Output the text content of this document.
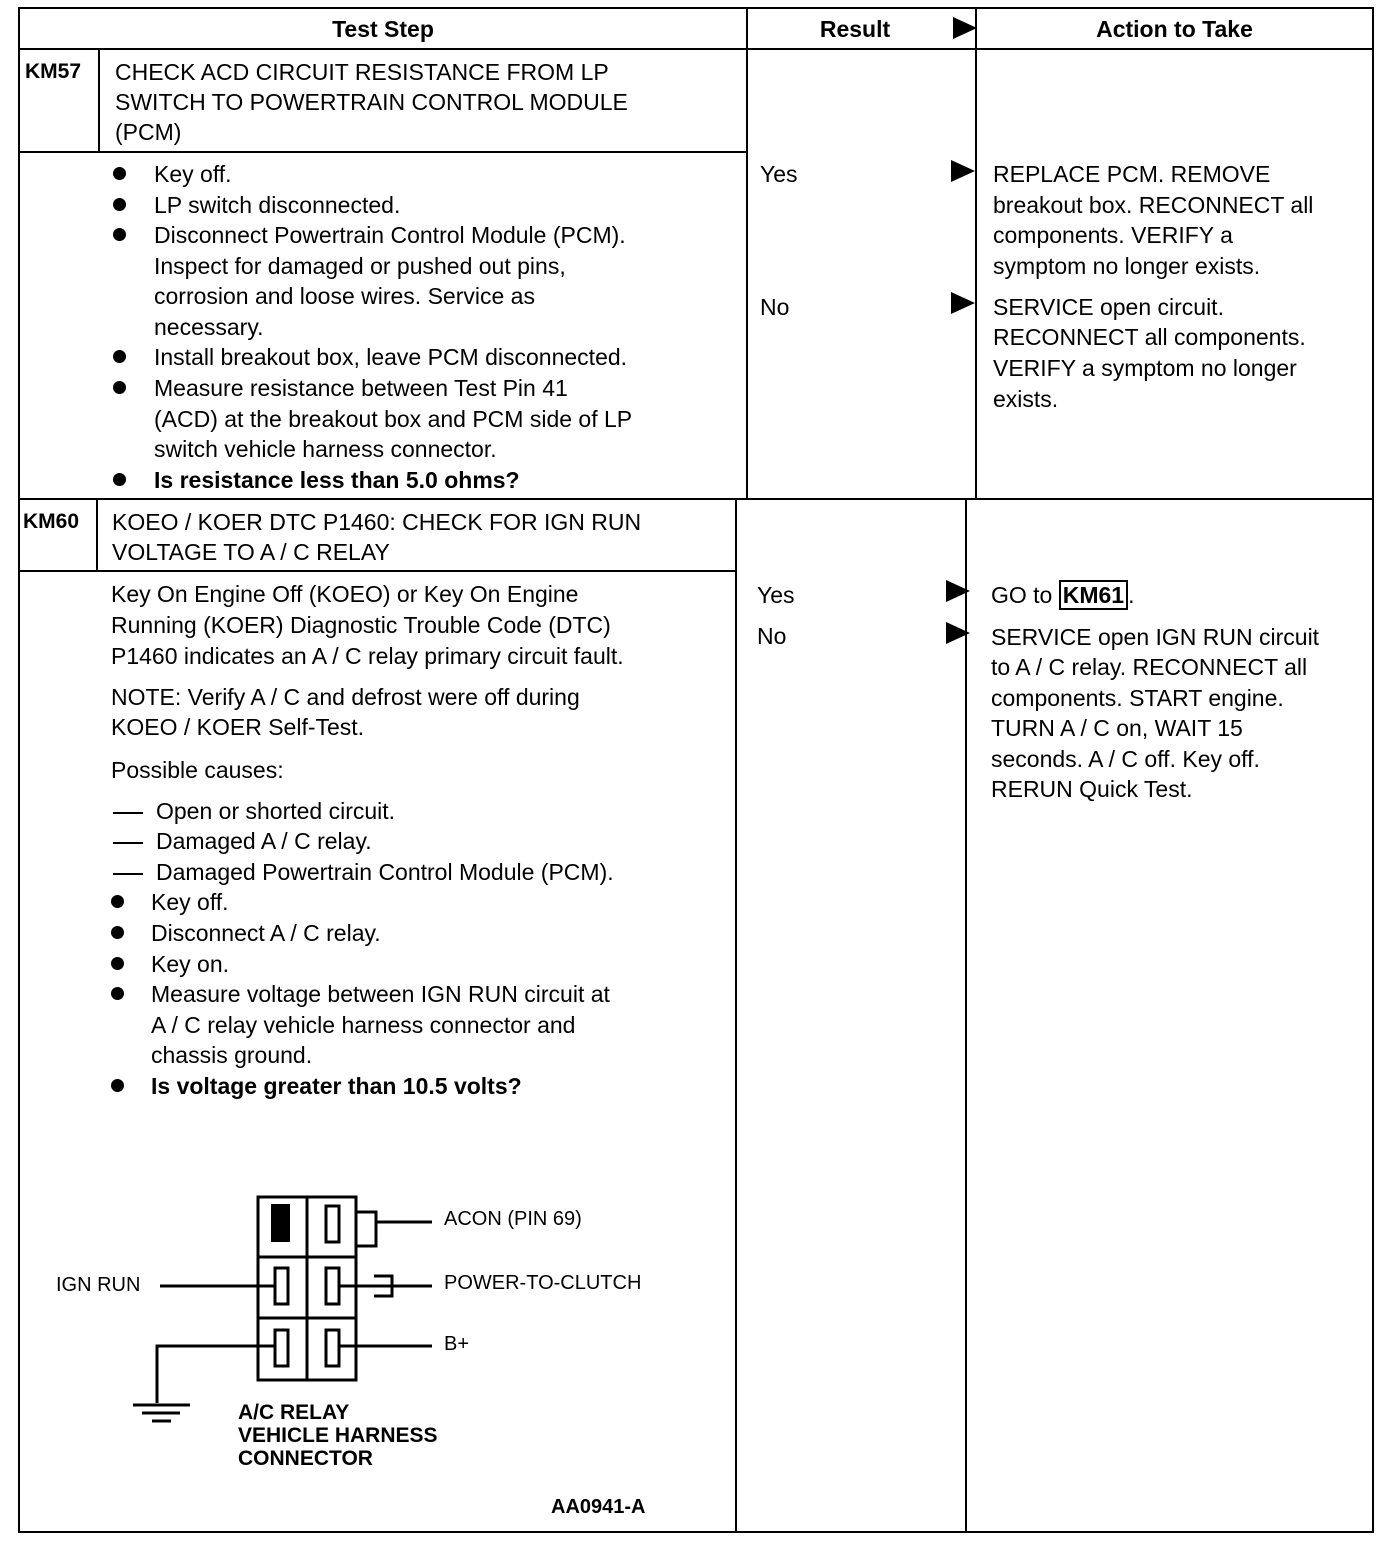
Test Step	Result	Action to Take
KM57 CHECK ACD CIRCUIT RESISTANCE FROM LP
SWITCH TO POWERTRAIN CONTROL MODULE
(PCM)
Key off.
LP switch disconnected.
Disconnect Powertrain Control Module (PCM).
Inspect for damaged or pushed out pins,
corrosion and loose wires. Service as
necessary.
Install breakout box, leave PCM disconnected.
Measure resistance between Test Pin 41
(ACD) at the breakout box and PCM side of LP
switch vehicle harness connector.
Is resistance less than 5.0 ohms?
Yes
No
REPLACE PCM. REMOVE
breakout box. RECONNECT all
components. VERIFY a
symptom no longer exists.
SERVICE open circuit.
RECONNECT all components.
VERIFY a symptom no longer
exists.
KM60 KOEO / KOER DTC P1460: CHECK FOR IGN RUN
VOLTAGE TO A / C RELAY
Key On Engine Off (KOEO) or Key On Engine
Running (KOER) Diagnostic Trouble Code (DTC)
P1460 indicates an A / C relay primary circuit fault.
NOTE: Verify A / C and defrost were off during
KOEO / KOER Self-Test.
Possible causes:
Open or shorted circuit.
Damaged A / C relay.
Damaged Powertrain Control Module (PCM).
Key off.
Disconnect A / C relay.
Key on.
Measure voltage between IGN RUN circuit at
A / C relay vehicle harness connector and
chassis ground.
Is voltage greater than 10.5 volts?
Yes
No
GO to KM61 .
SERVICE open IGN RUN circuit
to A / C relay. RECONNECT all
components. START engine.
TURN A / C on, WAIT 15
seconds. A / C off. Key off.
RERUN Quick Test.
ACON (PIN 69)
POWER-TO-CLUTCH
B+
IGN RUN
A/C RELAY
VEHICLE HARNESS
CONNECTOR
AA0941-A
